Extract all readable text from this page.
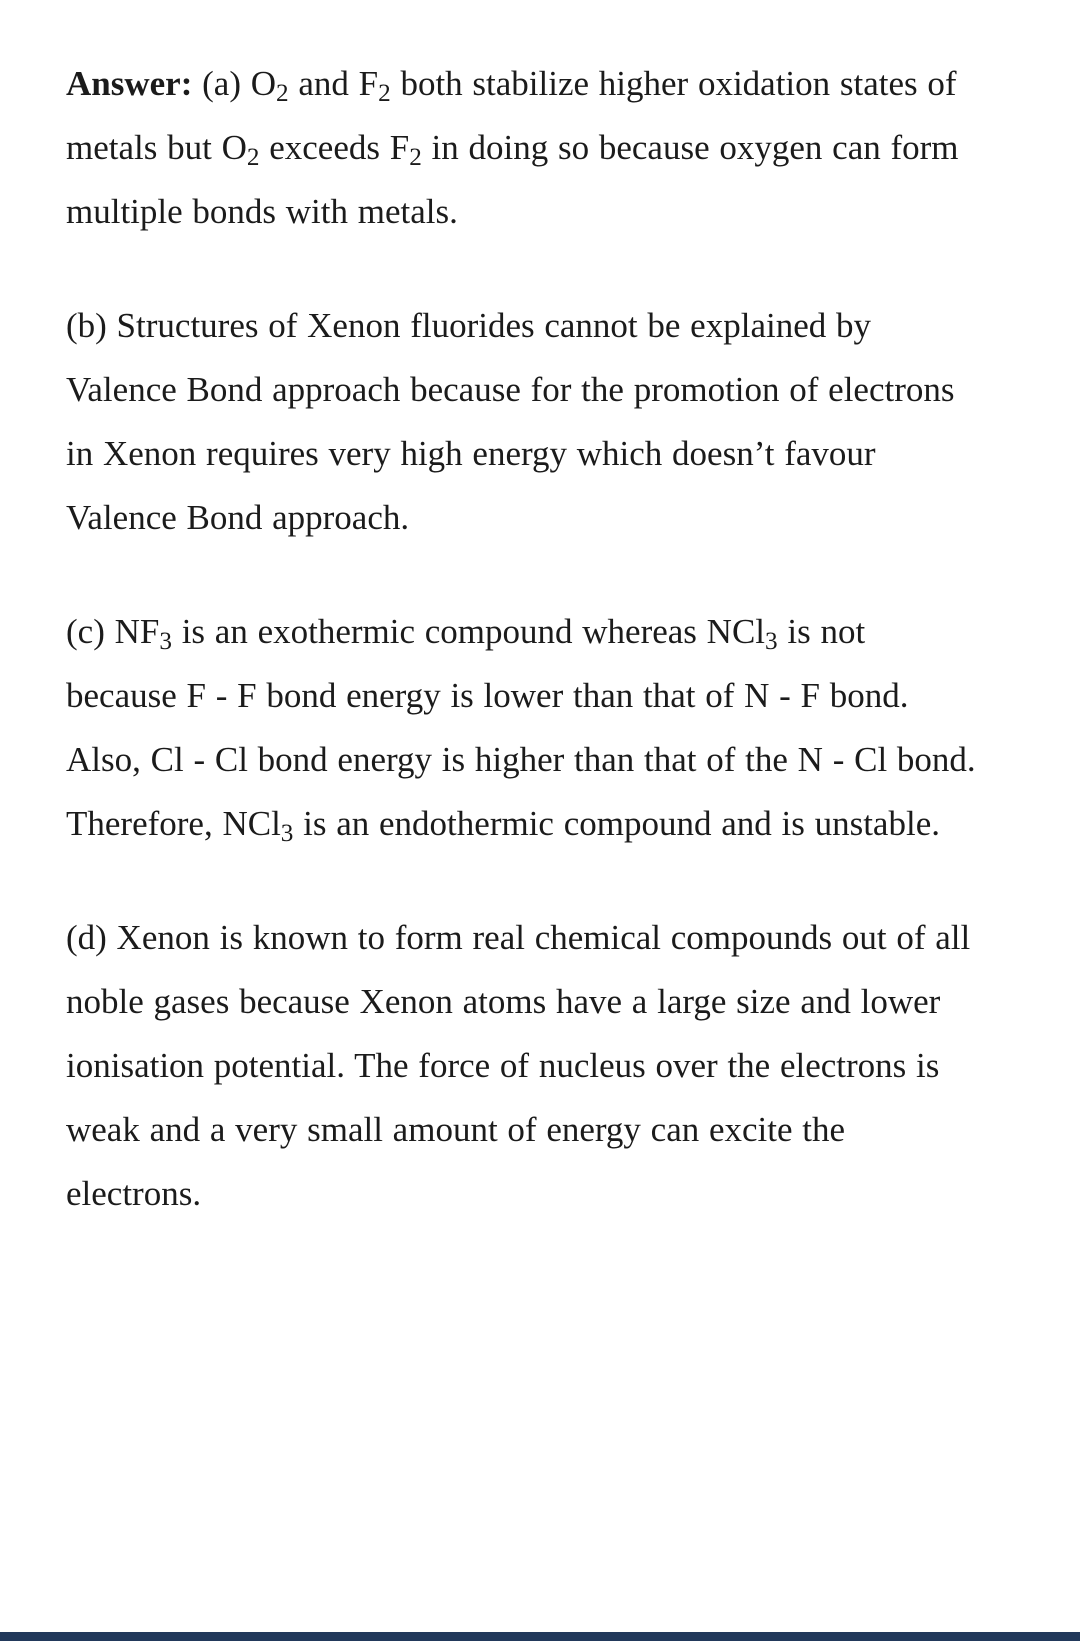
Answer: (a) $O_2$ and $F_2$ both stabilize higher oxidation states of metals but $O_2$ exceeds $F_2$ in doing so because oxygen can form multiple bonds with metals.

(b) Structures of Xenon fluorides cannot be explained by Valence Bond approach because for the promotion of electrons in Xenon requires very high energy which doesn’t favour Valence Bond approach.

(c) $NF_3$ is an exothermic compound whereas NCl$_3$ is not because F - F bond energy is lower than that of N - F bond. Also, Cl - Cl bond energy is higher than that of the N - Cl bond. Therefore, NCl$_3$ is an endothermic compound and is unstable.

(d) Xenon is known to form real chemical compounds out of all noble gases because Xenon atoms have a large size and lower ionisation potential. The force of nucleus over the electrons is weak and a very small amount of energy can excite the electrons.
